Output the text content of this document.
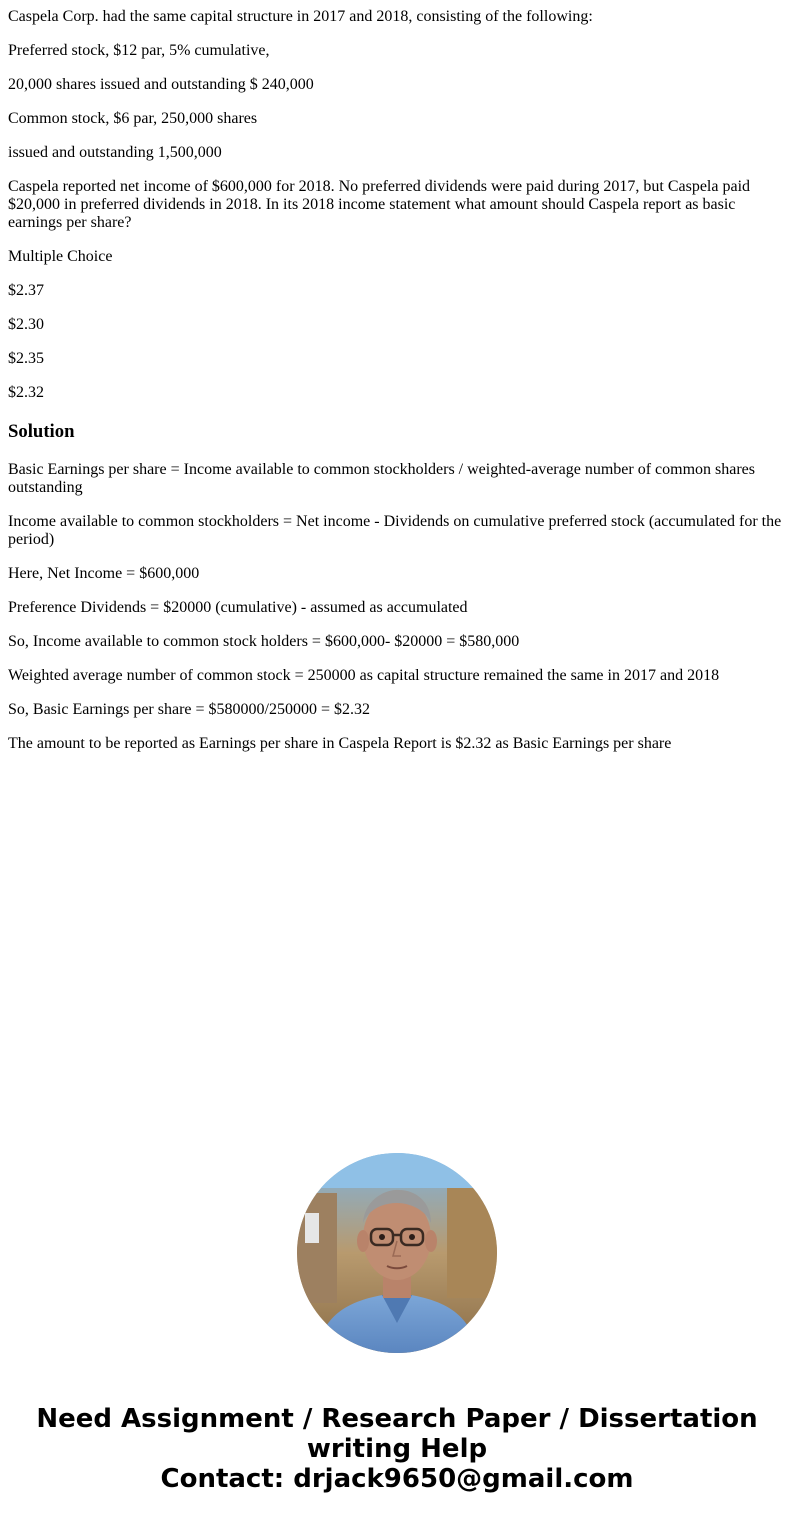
Caspela Corp. had the same capital structure in 2017 and 2018, consisting of the following:

Preferred stock, $12 par, 5% cumulative,

20,000 shares issued and outstanding $ 240,000

Common stock, $6 par, 250,000 shares

issued and outstanding 1,500,000

Caspela reported net income of $600,000 for 2018. No preferred dividends were paid during 2017, but Caspela paid $20,000 in preferred dividends in 2018. In its 2018 income statement what amount should Caspela report as basic earnings per share?

Multiple Choice

$2.37

$2.30

$2.35

$2.32

Solution

Basic Earnings per share = Income available to common stockholders / weighted-average number of common shares outstanding

Income available to common stockholders = Net income - Dividends on cumulative preferred stock (accumulated for the period)

Here, Net Income = $600,000

Preference Dividends = $20000 (cumulative) - assumed as accumulated

So, Income available to common stock holders = $600,000- $20000 = $580,000

Weighted average number of common stock = 250000 as capital structure remained the same in 2017 and 2018

So, Basic Earnings per share = $580000/250000 = $2.32

The amount to be reported as Earnings per share in Caspela Report is $2.32 as Basic Earnings per share

Need Assignment / Research Paper / Dissertation
writing Help
Contact: drjack9650@gmail.com
